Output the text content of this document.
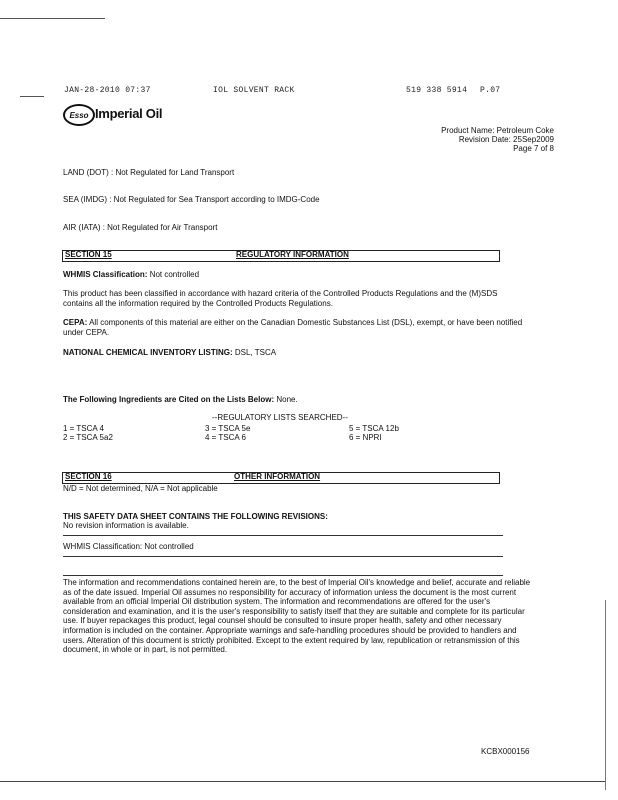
JAN-28-2010 07:37	IOL SOLVENT RACK	519 338 5914 P.07
Esso Imperial Oil
Product Name: Petroleum Coke
Revision Date: 25Sep2009
Page 7 of 8
LAND (DOT) : Not Regulated for Land Transport
SEA (IMDG) : Not Regulated for Sea Transport according to IMDG-Code
AIR (IATA) : Not Regulated for Air Transport
SECTION 15	REGULATORY INFORMATION
WHMIS Classification: Not controlled
This product has been classified in accordance with hazard criteria of the Controlled Products Regulations and the (M)SDS contains all the information required by the Controlled Products Regulations.
CEPA: All components of this material are either on the Canadian Domestic Substances List (DSL), exempt, or have been notified under CEPA.
NATIONAL CHEMICAL INVENTORY LISTING: DSL, TSCA
The Following Ingredients are Cited on the Lists Below: None.
--REGULATORY LISTS SEARCHED--
1 = TSCA 4	3 = TSCA 5e	5 = TSCA 12b
2 = TSCA 5a2	4 = TSCA 6	6 = NPRI
SECTION 16	OTHER INFORMATION
N/D = Not determined, N/A = Not applicable
THIS SAFETY DATA SHEET CONTAINS THE FOLLOWING REVISIONS:
No revision information is available.
WHMIS Classification: Not controlled
The information and recommendations contained herein are, to the best of Imperial Oil's knowledge and belief, accurate and reliable as of the date issued. Imperial Oil assumes no responsibility for accuracy of information unless the document is the most current available from an official Imperial Oil distribution system. The information and recommendations are offered for the user's consideration and examination, and it is the user's responsibility to satisfy itself that they are suitable and complete for its particular use. If buyer repackages this product, legal counsel should be consulted to insure proper health, safety and other necessary information is included on the container. Appropriate warnings and safe-handling procedures should be provided to handlers and users. Alteration of this document is strictly prohibited. Except to the extent required by law, republication or retransmission of this document, in whole or in part, is not permitted.
KCBX000156
